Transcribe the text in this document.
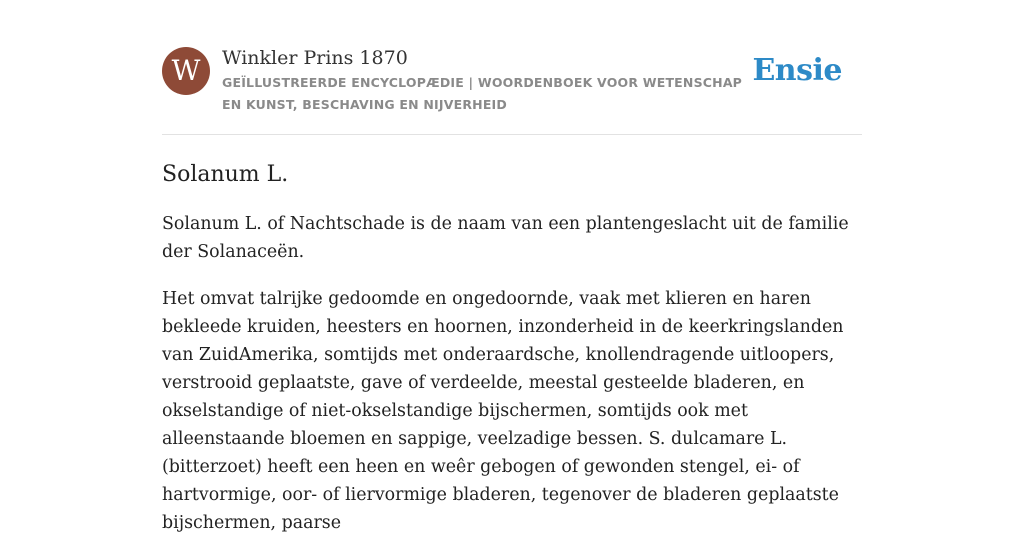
W	Winkler Prins 1870
GEÏLLUSTREERDE ENCYCLOPÆDIE | WOORDENBOEK VOOR WETENSCHAP EN KUNST, BESCHAVING EN NIJVERHEID
Ensie
Solanum L.

Solanum L. of Nachtschade is de naam van een plantengeslacht uit de familie der Solanaceën.

Het omvat talrijke gedoomde en ongedoornde, vaak met klieren en haren bekleede kruiden, heesters en hoornen, inzonderheid in de keerkringslanden van ZuidAmerika, somtijds met onderaardsche, knollendragende uitloopers, verstrooid geplaatste, gave of verdeelde, meestal gesteelde bladeren, en okselstandige of niet-okselstandige bijschermen, somtijds ook met alleenstaande bloemen en sappige, veelzadige bessen. S. dulcamare L. (bitterzoet) heeft een heen en weêr gebogen of gewonden stengel, ei- of hartvormige, oor- of liervormige bladeren, tegenover de bladeren geplaatste bijschermen, paarse
